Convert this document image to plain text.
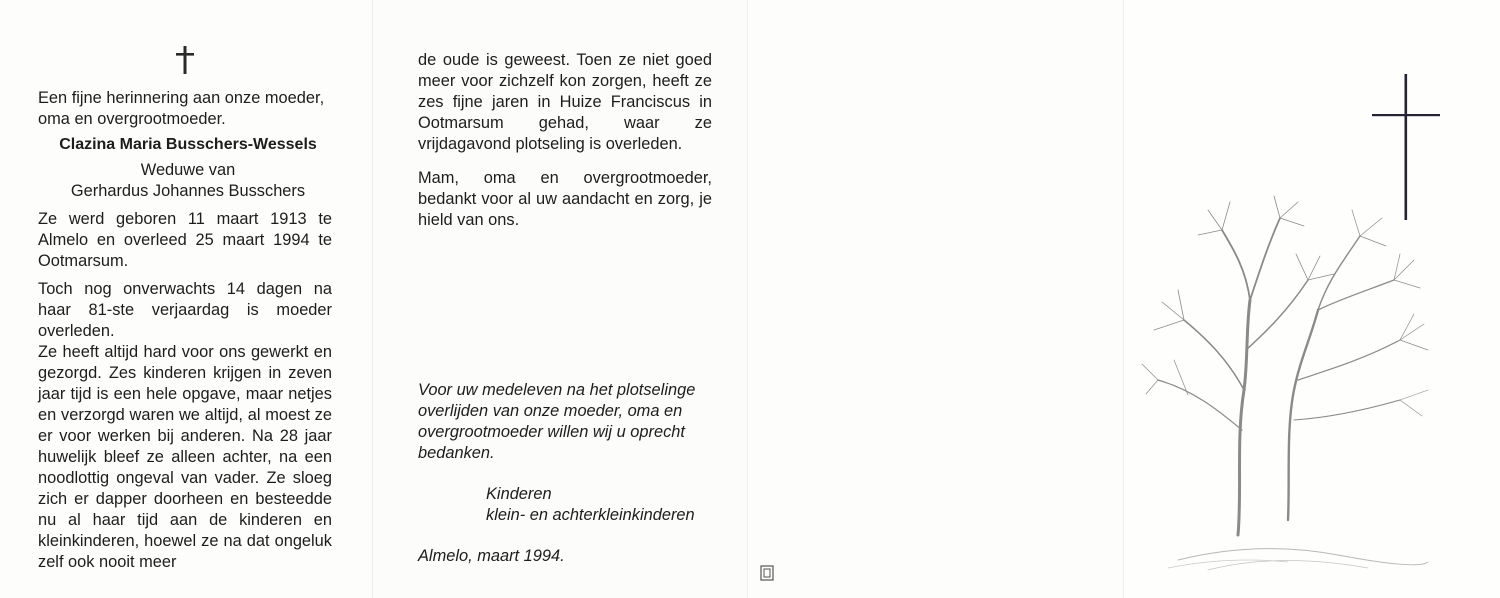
Een fijne herinnering aan onze moeder, oma en overgrootmoeder.
Clazina Maria Busschers-Wessels
Weduwe van
Gerhardus Johannes Busschers
Ze werd geboren 11 maart 1913 te Almelo en overleed 25 maart 1994 te Ootmarsum.
Toch nog onverwachts 14 dagen na haar 81-ste verjaardag is moeder overleden.
Ze heeft altijd hard voor ons gewerkt en gezorgd. Zes kinderen krijgen in zeven jaar tijd is een hele opgave, maar netjes en verzorgd waren we altijd, al moest ze er voor werken bij anderen. Na 28 jaar huwelijk bleef ze alleen achter, na een noodlottig ongeval van vader. Ze sloeg zich er dapper doorheen en besteedde nu al haar tijd aan de kinderen en kleinkinderen, hoewel ze na dat ongeluk zelf ook nooit meer
de oude is geweest. Toen ze niet goed meer voor zichzelf kon zorgen, heeft ze zes fijne jaren in Huize Franciscus in Ootmarsum gehad, waar ze vrijdagavond plotseling is overleden.
Mam, oma en overgrootmoeder, bedankt voor al uw aandacht en zorg, je hield van ons.
Voor uw medeleven na het plotselinge overlijden van onze moeder, oma en overgrootmoeder willen wij u oprecht bedanken.
Kinderen
klein- en achterkleinkinderen
Almelo, maart 1994.
